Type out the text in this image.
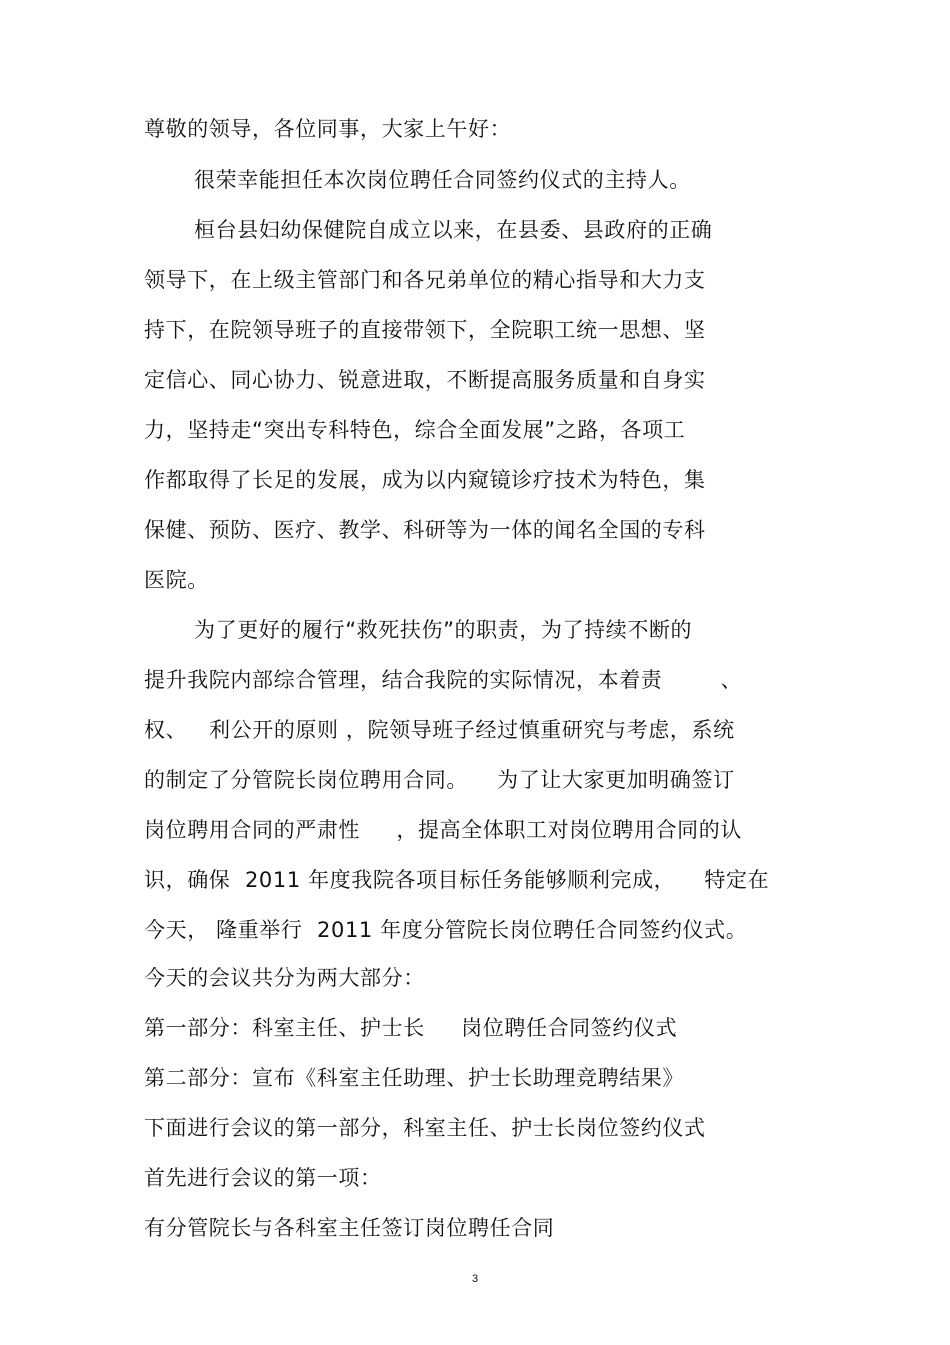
尊敬的领导，各位同事，大家上午好：
很荣幸能担任本次岗位聘任合同签约仪式的主持人。
桓台县妇幼保健院自成立以来，在县委、县政府的正确
领导下，在上级主管部门和各兄弟单位的精心指导和大力支
持下，在院领导班子的直接带领下，全院职工统一思想、坚
定信心、同心协力、锐意进取，不断提高服务质量和自身实
力，坚持走“突出专科特色，综合全面发展”之路，各项工
作都取得了长足的发展，成为以内窥镜诊疗技术为特色，集
保健、预防、医疗、教学、科研等为一体的闻名全国的专科
医院。
为了更好的履行“救死扶伤”的职责，为了持续不断的
提升我院内部综合管理，结合我院的实际情况，本着责        、
权、   利公开的原则 ，院领导班子经过慎重研究与考虑，系统
的制定了分管院长岗位聘用合同。    为了让大家更加明确签订
岗位聘用合同的严肃性     ，提高全体职工对岗位聘用合同的认
识，确保  2011 年度我院各项目标任务能够顺利完成，    特定在
今天， 隆重举行  2011 年度分管院长岗位聘任合同签约仪式。
今天的会议共分为两大部分：
第一部分：科室主任、护士长     岗位聘任合同签约仪式
第二部分：宣布《科室主任助理、护士长助理竞聘结果》
下面进行会议的第一部分，科室主任、护士长岗位签约仪式
首先进行会议的第一项：
有分管院长与各科室主任签订岗位聘任合同
3
